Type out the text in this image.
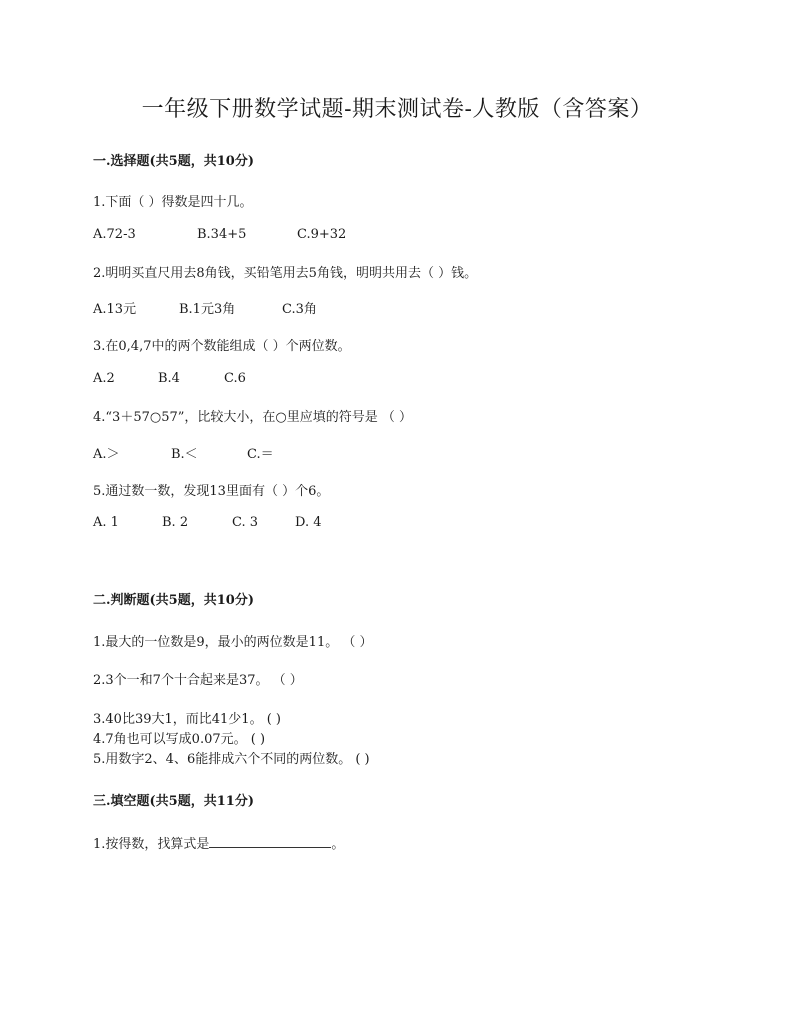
一年级下册数学试题-期末测试卷-人教版（含答案）
一.选择题(共5题，共10分)
1.下面（ ）得数是四十几。
A.72-3	B.34+5	C.9+32
2.明明买直尺用去8角钱，买铅笔用去5角钱，明明共用去（ ）钱。
A.13元	B.1元3角	C.3角
3.在0,4,7中的两个数能组成（ ）个两位数。
A.2	B.4	C.6
4.“3＋57○57”，比较大小，在○里应填的符号是 （ ）
A.＞	B.＜	C.＝
5.通过数一数，发现13里面有（ ）个6。
A. 1	B. 2	C. 3	D. 4
二.判断题(共5题，共10分)
1.最大的一位数是9，最小的两位数是11。 （ ）
2.3个一和7个十合起来是37。 （ ）
3.40比39大1，而比41少1。 ( )
4.7角也可以写成0.07元。 ( )
5.用数字2、4、6能排成六个不同的两位数。 ( )
三.填空题(共5题，共11分)
1.按得数，找算式是	。
